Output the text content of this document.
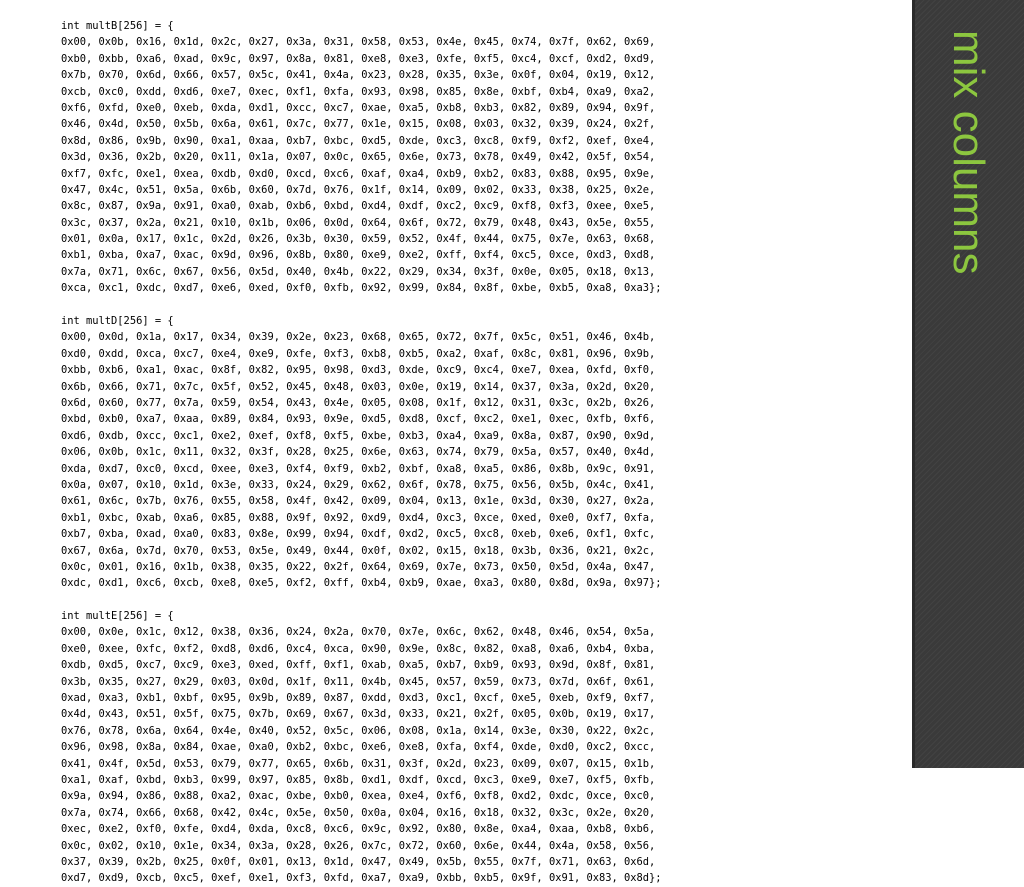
int multB[256] = {
0x00, 0x0b, 0x16, 0x1d, 0x2c, 0x27, 0x3a, 0x31, 0x58, 0x53, 0x4e, 0x45, 0x74, 0x7f, 0x62, 0x69,
0xb0, 0xbb, 0xa6, 0xad, 0x9c, 0x97, 0x8a, 0x81, 0xe8, 0xe3, 0xfe, 0xf5, 0xc4, 0xcf, 0xd2, 0xd9,
0x7b, 0x70, 0x6d, 0x66, 0x57, 0x5c, 0x41, 0x4a, 0x23, 0x28, 0x35, 0x3e, 0x0f, 0x04, 0x19, 0x12,
0xcb, 0xc0, 0xdd, 0xd6, 0xe7, 0xec, 0xf1, 0xfa, 0x93, 0x98, 0x85, 0x8e, 0xbf, 0xb4, 0xa9, 0xa2,
0xf6, 0xfd, 0xe0, 0xeb, 0xda, 0xd1, 0xcc, 0xc7, 0xae, 0xa5, 0xb8, 0xb3, 0x82, 0x89, 0x94, 0x9f,
0x46, 0x4d, 0x50, 0x5b, 0x6a, 0x61, 0x7c, 0x77, 0x1e, 0x15, 0x08, 0x03, 0x32, 0x39, 0x24, 0x2f,
0x8d, 0x86, 0x9b, 0x90, 0xa1, 0xaa, 0xb7, 0xbc, 0xd5, 0xde, 0xc3, 0xc8, 0xf9, 0xf2, 0xef, 0xe4,
0x3d, 0x36, 0x2b, 0x20, 0x11, 0x1a, 0x07, 0x0c, 0x65, 0x6e, 0x73, 0x78, 0x49, 0x42, 0x5f, 0x54,
0xf7, 0xfc, 0xe1, 0xea, 0xdb, 0xd0, 0xcd, 0xc6, 0xaf, 0xa4, 0xb9, 0xb2, 0x83, 0x88, 0x95, 0x9e,
0x47, 0x4c, 0x51, 0x5a, 0x6b, 0x60, 0x7d, 0x76, 0x1f, 0x14, 0x09, 0x02, 0x33, 0x38, 0x25, 0x2e,
0x8c, 0x87, 0x9a, 0x91, 0xa0, 0xab, 0xb6, 0xbd, 0xd4, 0xdf, 0xc2, 0xc9, 0xf8, 0xf3, 0xee, 0xe5,
0x3c, 0x37, 0x2a, 0x21, 0x10, 0x1b, 0x06, 0x0d, 0x64, 0x6f, 0x72, 0x79, 0x48, 0x43, 0x5e, 0x55,
0x01, 0x0a, 0x17, 0x1c, 0x2d, 0x26, 0x3b, 0x30, 0x59, 0x52, 0x4f, 0x44, 0x75, 0x7e, 0x63, 0x68,
0xb1, 0xba, 0xa7, 0xac, 0x9d, 0x96, 0x8b, 0x80, 0xe9, 0xe2, 0xff, 0xf4, 0xc5, 0xce, 0xd3, 0xd8,
0x7a, 0x71, 0x6c, 0x67, 0x56, 0x5d, 0x40, 0x4b, 0x22, 0x29, 0x34, 0x3f, 0x0e, 0x05, 0x18, 0x13,
0xca, 0xc1, 0xdc, 0xd7, 0xe6, 0xed, 0xf0, 0xfb, 0x92, 0x99, 0x84, 0x8f, 0xbe, 0xb5, 0xa8, 0xa3};
int multD[256] = {
0x00, 0x0d, 0x1a, 0x17, 0x34, 0x39, 0x2e, 0x23, 0x68, 0x65, 0x72, 0x7f, 0x5c, 0x51, 0x46, 0x4b,
0xd0, 0xdd, 0xca, 0xc7, 0xe4, 0xe9, 0xfe, 0xf3, 0xb8, 0xb5, 0xa2, 0xaf, 0x8c, 0x81, 0x96, 0x9b,
0xbb, 0xb6, 0xa1, 0xac, 0x8f, 0x82, 0x95, 0x98, 0xd3, 0xde, 0xc9, 0xc4, 0xe7, 0xea, 0xfd, 0xf0,
0x6b, 0x66, 0x71, 0x7c, 0x5f, 0x52, 0x45, 0x48, 0x03, 0x0e, 0x19, 0x14, 0x37, 0x3a, 0x2d, 0x20,
0x6d, 0x60, 0x77, 0x7a, 0x59, 0x54, 0x43, 0x4e, 0x05, 0x08, 0x1f, 0x12, 0x31, 0x3c, 0x2b, 0x26,
0xbd, 0xb0, 0xa7, 0xaa, 0x89, 0x84, 0x93, 0x9e, 0xd5, 0xd8, 0xcf, 0xc2, 0xe1, 0xec, 0xfb, 0xf6,
0xd6, 0xdb, 0xcc, 0xc1, 0xe2, 0xef, 0xf8, 0xf5, 0xbe, 0xb3, 0xa4, 0xa9, 0x8a, 0x87, 0x90, 0x9d,
0x06, 0x0b, 0x1c, 0x11, 0x32, 0x3f, 0x28, 0x25, 0x6e, 0x63, 0x74, 0x79, 0x5a, 0x57, 0x40, 0x4d,
0xda, 0xd7, 0xc0, 0xcd, 0xee, 0xe3, 0xf4, 0xf9, 0xb2, 0xbf, 0xa8, 0xa5, 0x86, 0x8b, 0x9c, 0x91,
0x0a, 0x07, 0x10, 0x1d, 0x3e, 0x33, 0x24, 0x29, 0x62, 0x6f, 0x78, 0x75, 0x56, 0x5b, 0x4c, 0x41,
0x61, 0x6c, 0x7b, 0x76, 0x55, 0x58, 0x4f, 0x42, 0x09, 0x04, 0x13, 0x1e, 0x3d, 0x30, 0x27, 0x2a,
0xb1, 0xbc, 0xab, 0xa6, 0x85, 0x88, 0x9f, 0x92, 0xd9, 0xd4, 0xc3, 0xce, 0xed, 0xe0, 0xf7, 0xfa,
0xb7, 0xba, 0xad, 0xa0, 0x83, 0x8e, 0x99, 0x94, 0xdf, 0xd2, 0xc5, 0xc8, 0xeb, 0xe6, 0xf1, 0xfc,
0x67, 0x6a, 0x7d, 0x70, 0x53, 0x5e, 0x49, 0x44, 0x0f, 0x02, 0x15, 0x18, 0x3b, 0x36, 0x21, 0x2c,
0x0c, 0x01, 0x16, 0x1b, 0x38, 0x35, 0x22, 0x2f, 0x64, 0x69, 0x7e, 0x73, 0x50, 0x5d, 0x4a, 0x47,
0xdc, 0xd1, 0xc6, 0xcb, 0xe8, 0xe5, 0xf2, 0xff, 0xb4, 0xb9, 0xae, 0xa3, 0x80, 0x8d, 0x9a, 0x97};
int multE[256] = {
0x00, 0x0e, 0x1c, 0x12, 0x38, 0x36, 0x24, 0x2a, 0x70, 0x7e, 0x6c, 0x62, 0x48, 0x46, 0x54, 0x5a,
0xe0, 0xee, 0xfc, 0xf2, 0xd8, 0xd6, 0xc4, 0xca, 0x90, 0x9e, 0x8c, 0x82, 0xa8, 0xa6, 0xb4, 0xba,
0xdb, 0xd5, 0xc7, 0xc9, 0xe3, 0xed, 0xff, 0xf1, 0xab, 0xa5, 0xb7, 0xb9, 0x93, 0x9d, 0x8f, 0x81,
0x3b, 0x35, 0x27, 0x29, 0x03, 0x0d, 0x1f, 0x11, 0x4b, 0x45, 0x57, 0x59, 0x73, 0x7d, 0x6f, 0x61,
0xad, 0xa3, 0xb1, 0xbf, 0x95, 0x9b, 0x89, 0x87, 0xdd, 0xd3, 0xc1, 0xcf, 0xe5, 0xeb, 0xf9, 0xf7,
0x4d, 0x43, 0x51, 0x5f, 0x75, 0x7b, 0x69, 0x67, 0x3d, 0x33, 0x21, 0x2f, 0x05, 0x0b, 0x19, 0x17,
0x76, 0x78, 0x6a, 0x64, 0x4e, 0x40, 0x52, 0x5c, 0x06, 0x08, 0x1a, 0x14, 0x3e, 0x30, 0x22, 0x2c,
0x96, 0x98, 0x8a, 0x84, 0xae, 0xa0, 0xb2, 0xbc, 0xe6, 0xe8, 0xfa, 0xf4, 0xde, 0xd0, 0xc2, 0xcc,
0x41, 0x4f, 0x5d, 0x53, 0x79, 0x77, 0x65, 0x6b, 0x31, 0x3f, 0x2d, 0x23, 0x09, 0x07, 0x15, 0x1b,
0xa1, 0xaf, 0xbd, 0xb3, 0x99, 0x97, 0x85, 0x8b, 0xd1, 0xdf, 0xcd, 0xc3, 0xe9, 0xe7, 0xf5, 0xfb,
0x9a, 0x94, 0x86, 0x88, 0xa2, 0xac, 0xbe, 0xb0, 0xea, 0xe4, 0xf6, 0xf8, 0xd2, 0xdc, 0xce, 0xc0,
0x7a, 0x74, 0x66, 0x68, 0x42, 0x4c, 0x5e, 0x50, 0x0a, 0x04, 0x16, 0x18, 0x32, 0x3c, 0x2e, 0x20,
0xec, 0xe2, 0xf0, 0xfe, 0xd4, 0xda, 0xc8, 0xc6, 0x9c, 0x92, 0x80, 0x8e, 0xa4, 0xaa, 0xb8, 0xb6,
0x0c, 0x02, 0x10, 0x1e, 0x34, 0x3a, 0x28, 0x26, 0x7c, 0x72, 0x60, 0x6e, 0x44, 0x4a, 0x58, 0x56,
0x37, 0x39, 0x2b, 0x25, 0x0f, 0x01, 0x13, 0x1d, 0x47, 0x49, 0x5b, 0x55, 0x7f, 0x71, 0x63, 0x6d,
0xd7, 0xd9, 0xcb, 0xc5, 0xef, 0xe1, 0xf3, 0xfd, 0xa7, 0xa9, 0xbb, 0xb5, 0x9f, 0x91, 0x83, 0x8d};
mix columns
